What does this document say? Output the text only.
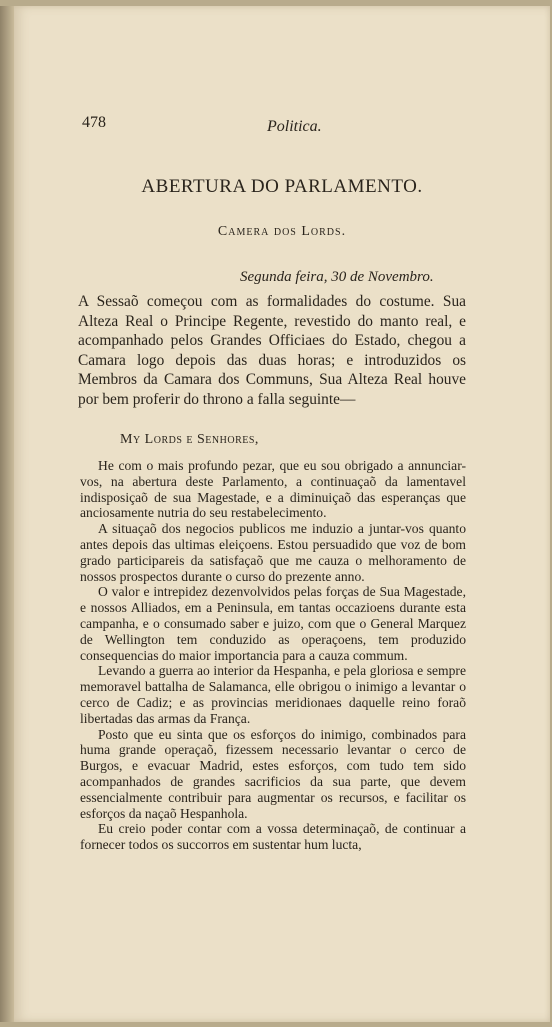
478	Politica.
ABERTURA DO PARLAMENTO.
Camera dos Lords.
Segunda feira, 30 de Novembro.
A Sessaõ começou com as formalidades do costume. Sua Alteza Real o Principe Regente, revestido do manto real, e acompanhado pelos Grandes Officiaes do Estado, chegou a Camara logo depois das duas horas; e introduzidos os Membros da Camara dos Communs, Sua Alteza Real houve por bem proferir do throno a falla seguinte—
My Lords e Senhores,

He com o mais profundo pezar, que eu sou obrigado a annunciar-vos, na abertura deste Parlamento, a continuaçaõ da lamentavel indisposiçaõ de sua Magestade, e a diminuiçaõ das esperanças que anciosamente nutria do seu restabelecimento.

A situaçaõ dos negocios publicos me induzio a juntar-vos quanto antes depois das ultimas eleiçoens. Estou persuadido que voz de bom grado participareis da satisfaçaõ que me cauza o melhoramento de nossos prospectos durante o curso do prezente anno.

O valor e intrepidez dezenvolvidos pelas forças de Sua Magestade, e nossos Alliados, em a Peninsula, em tantas occazioens durante esta campanha, e o consumado saber e juizo, com que o General Marquez de Wellington tem conduzido as operaçoens, tem produzido consequencias do maior importancia para a cauza commum.

Levando a guerra ao interior da Hespanha, e pela gloriosa e sempre memoravel battalha de Salamanca, elle obrigou o inimigo a levantar o cerco de Cadiz; e as provincias meridionaes daquelle reino foraõ libertadas das armas da França.

Posto que eu sinta que os esforços do inimigo, combinados para huma grande operaçaõ, fizessem necessario levantar o cerco de Burgos, e evacuar Madrid, estes esforços, com tudo tem sido acompanhados de grandes sacrificios da sua parte, que devem essencialmente contribuir para augmentar os recursos, e facilitar os esforços da naçaõ Hespanhola.

Eu creio poder contar com a vossa determinaçaõ, de continuar a fornecer todos os succorros em sustentar hum lucta,
